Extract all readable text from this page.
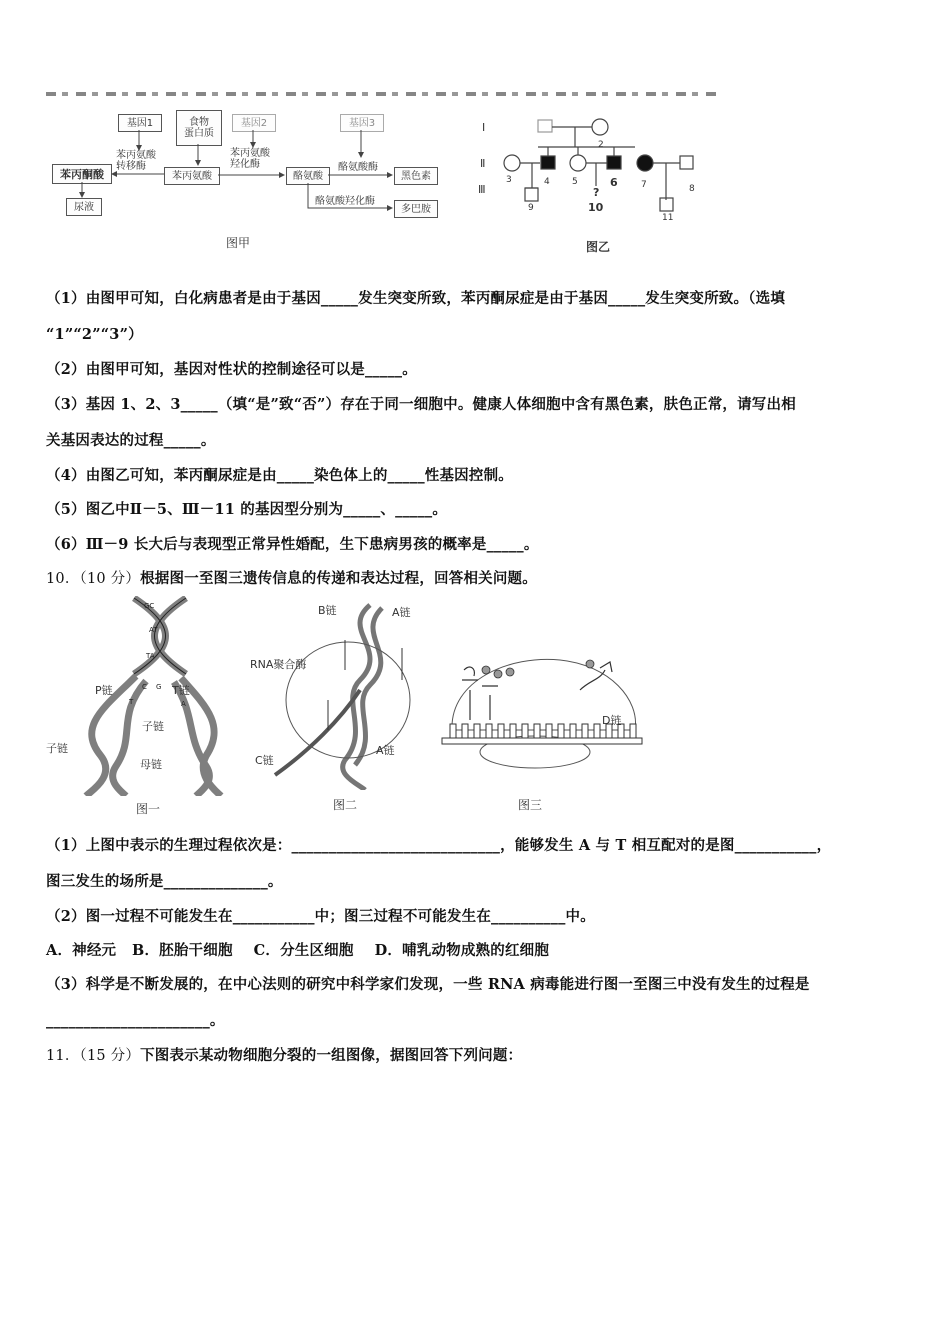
基因1	食物
蛋白质
基因2	基因3
苯丙氨酸
转移酶
苯丙氨酸
羟化酶	酪氨酸酶
酪氨酸羟化酶
苯丙酮酸	苯丙氨酸	酪氨酸	黑色素
多巴胺
尿液
图甲
Ⅰ
Ⅱ
Ⅲ
2
3	4 5	6	7	8
?
9	10
11
图乙
（1）由图甲可知，白化病患者是由于基因_____发生突变所致，苯丙酮尿症是由于基因_____发生突变所致。（选填
“1”“2”“3”）
（2）由图甲可知，基因对性状的控制途径可以是_____。
（3）基因 1、2、3_____（填“是”致“否”）存在于同一细胞中。健康人体细胞中含有黑色素，肤色正常，请写出相
关基因表达的过程_____。
（4）由图乙可知，苯丙酮尿症是由_____染色体上的_____性基因控制。
（5）图乙中Ⅱ－5、Ⅲ－11 的基因型分别为_____、_____。
（6）Ⅲ－9 长大后与表现型正常异性婚配，生下患病男孩的概率是_____。
10．（10 分）根据图一至图三遗传信息的传递和表达过程，回答相关问题。
GC
AT
TA
C G
T	A
P链	T链
子链
子链
母链
图一
B链	A链
RNA聚合酶
C链
A链
图二
D链
图三
（1）上图中表示的生理过程依次是：____________________________，能够发生 A 与 T 相互配对的是图___________，
图三发生的场所是______________。
（2）图一过程不可能发生在___________中；图三过程不可能发生在__________中。
A．神经元   B．胚胎干细胞    C．分生区细胞    D．哺乳动物成熟的红细胞
（3）科学是不断发展的，在中心法则的研究中科学家们发现，一些 RNA 病毒能进行图一至图三中没有发生的过程是
______________________。
11．（15 分）下图表示某动物细胞分裂的一组图像，据图回答下列问题：
